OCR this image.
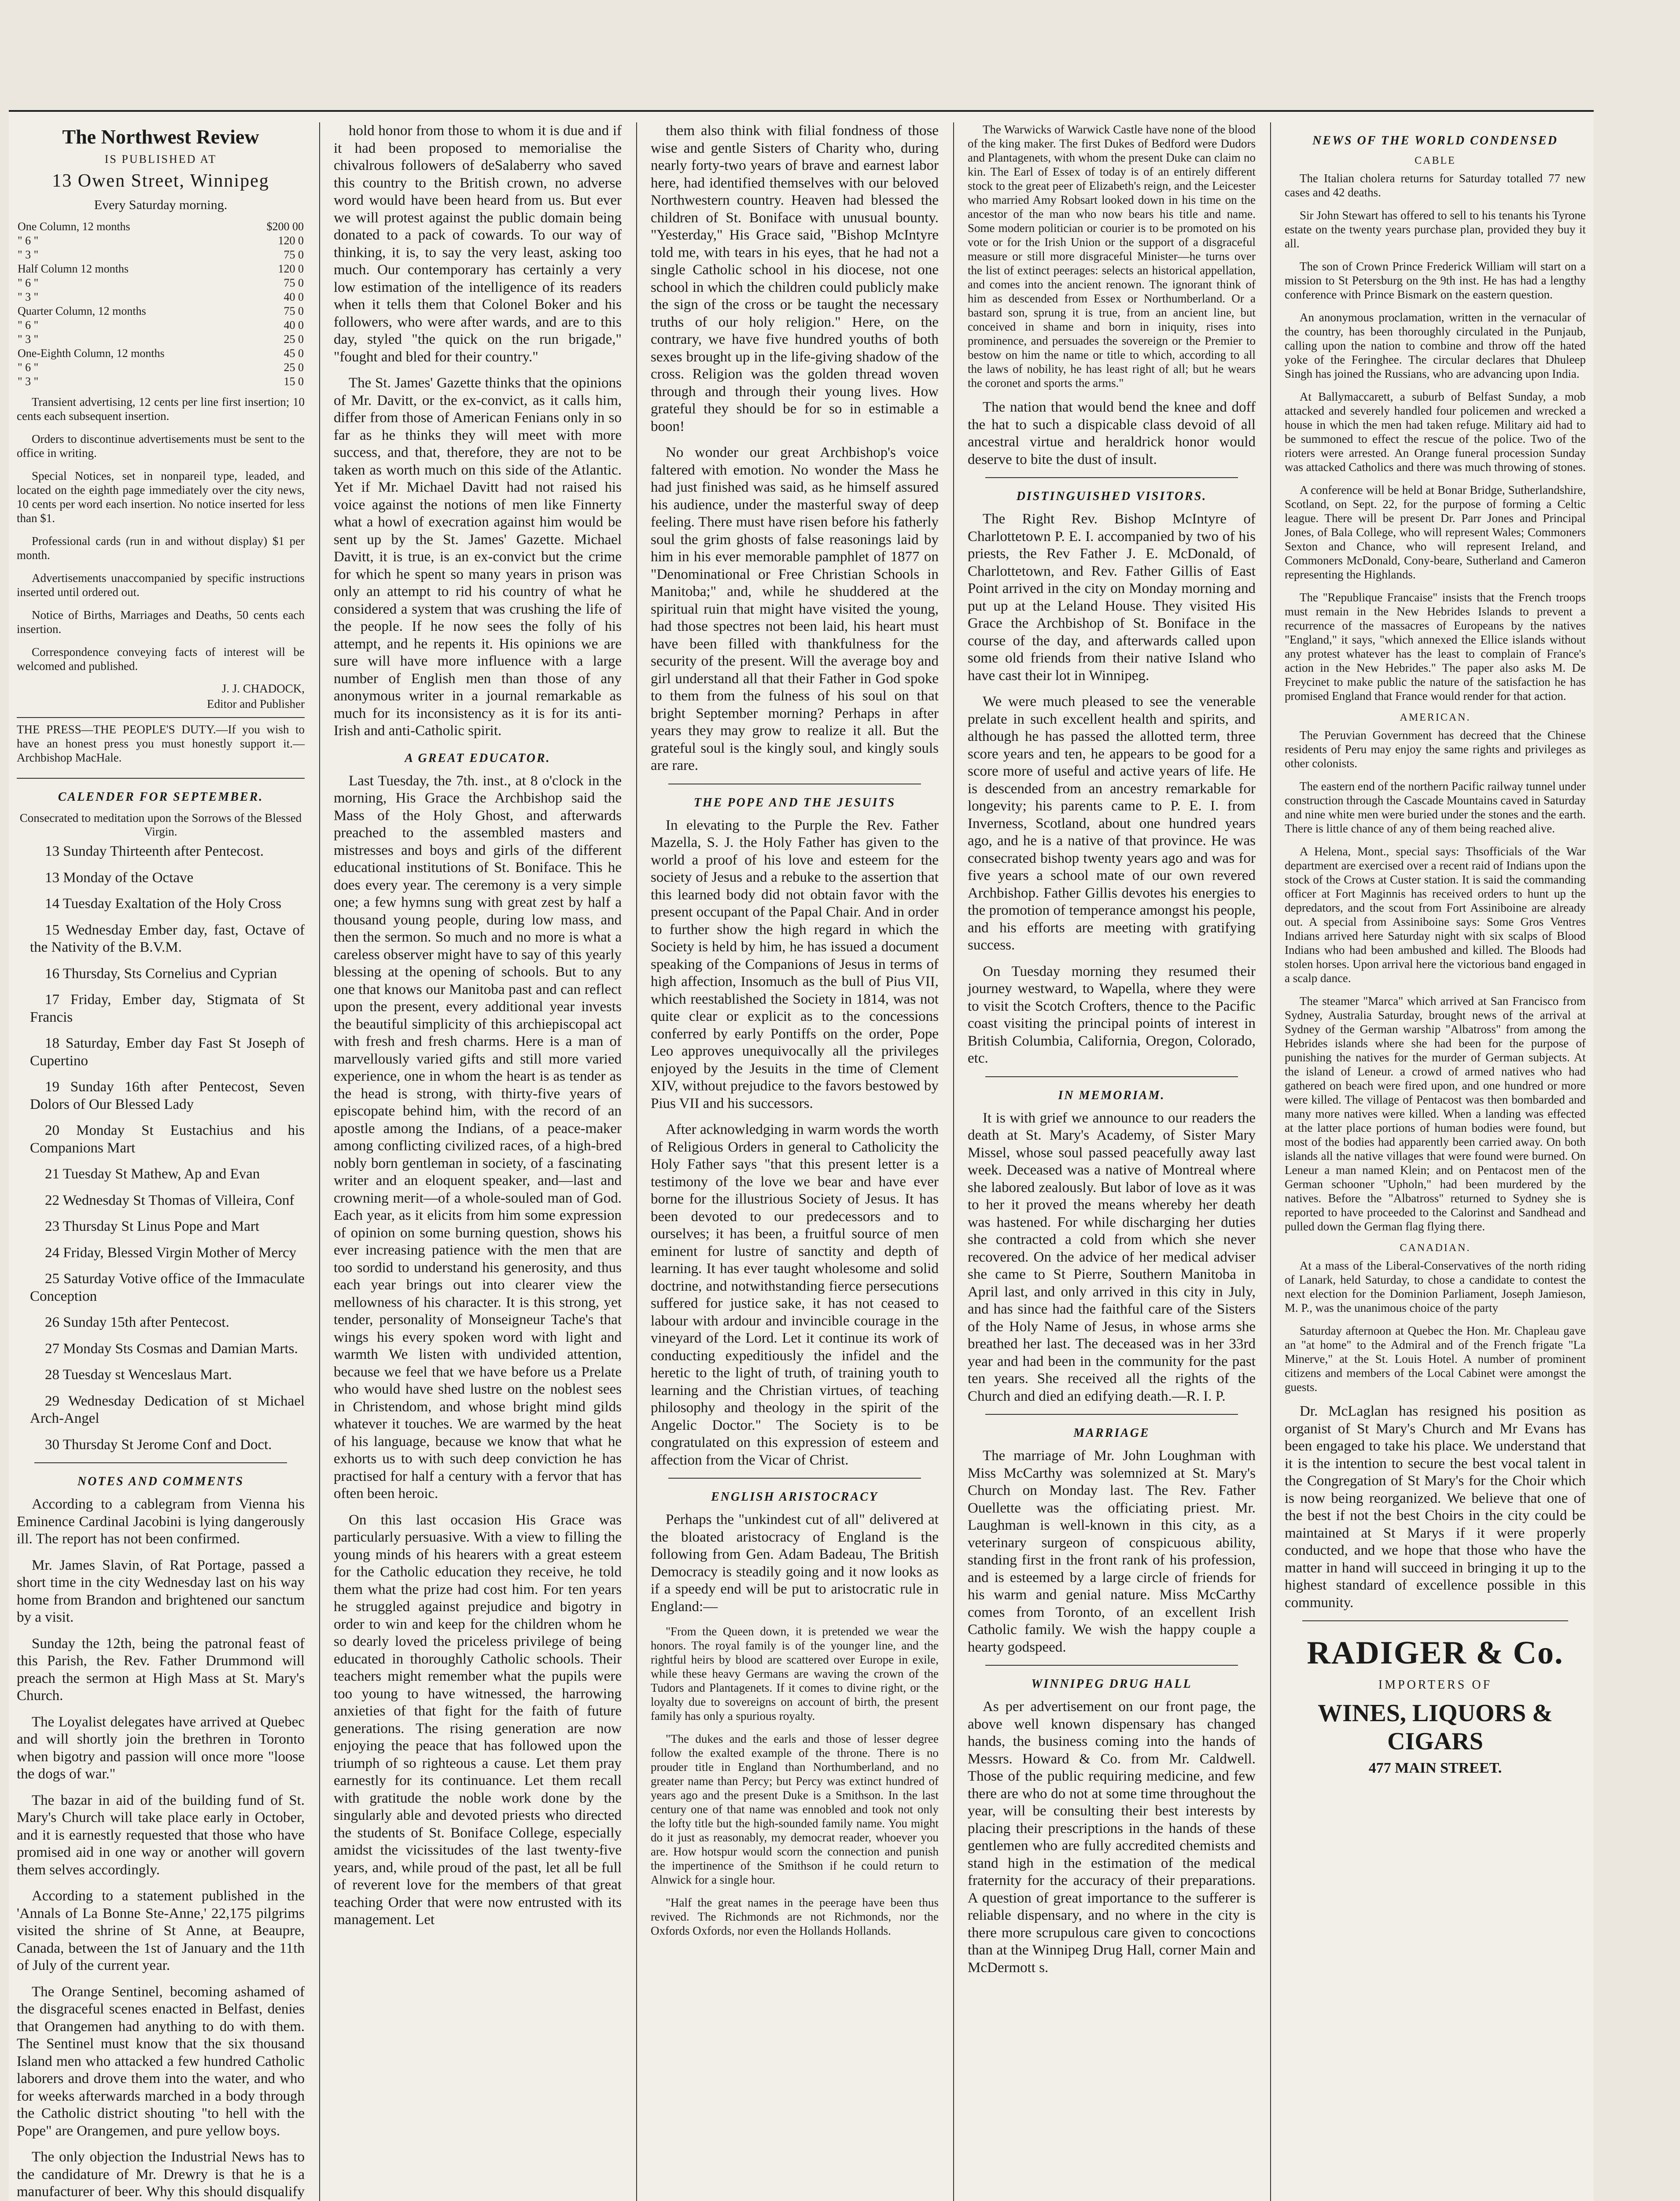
The Northwest Review
IS PUBLISHED AT
13 Owen Street, Winnipeg
Every Saturday morning.
One Column, 12 months	$200 00
" 6 "	120 0
" 3 "	75 0
Half Column 12 months	120 0
" 6 "	75 0
" 3 "	40 0
Quarter Column, 12 months	75 0
" 6 "	40 0
" 3 "	25 0
One-Eighth Column, 12 months	45 0
" 6 "	25 0
" 3 "	15 0

Transient advertising, 12 cents per line first insertion; 10 cents each subsequent insertion.

Orders to discontinue advertisements must be sent to the office in writing.

Special Notices, set in nonpareil type, leaded, and located on the eighth page immediately over the city news, 10 cents per word each insertion. No notice inserted for less than $1.

Professional cards (run in and without display) $1 per month.

Advertisements unaccompanied by specific instructions inserted until ordered out.

Notice of Births, Marriages and Deaths, 50 cents each insertion.

Correspondence conveying facts of interest will be welcomed and published.

J. J. CHADOCK,
Editor and Publisher

THE PRESS—THE PEOPLE'S DUTY.—If you wish to have an honest press you must honestly support it.—Archbishop MacHale.

CALENDER FOR SEPTEMBER.
Consecrated to meditation upon the Sorrows of the Blessed Virgin.

13 Sunday Thirteenth after Pentecost.

13 Monday of the Octave

14 Tuesday Exaltation of the Holy Cross

15 Wednesday Ember day, fast, Octave of the Nativity of the B.V.M.

16 Thursday, Sts Cornelius and Cyprian

17 Friday, Ember day, Stigmata of St Francis

18 Saturday, Ember day Fast St Joseph of Cupertino

19 Sunday 16th after Pentecost, Seven Dolors of Our Blessed Lady

20 Monday St Eustachius and his Companions Mart

21 Tuesday St Mathew, Ap and Evan

22 Wednesday St Thomas of Villeira, Conf

23 Thursday St Linus Pope and Mart

24 Friday, Blessed Virgin Mother of Mercy

25 Saturday Votive office of the Immaculate Conception

26 Sunday 15th after Pentecost.

27 Monday Sts Cosmas and Damian Marts.

28 Tuesday st Wenceslaus Mart.

29 Wednesday Dedication of st Michael Arch-Angel

30 Thursday St Jerome Conf and Doct.

NOTES AND COMMENTS

According to a cablegram from Vienna his Eminence Cardinal Jacobini is lying dangerously ill. The report has not been confirmed.

Mr. James Slavin, of Rat Portage, passed a short time in the city Wednesday last on his way home from Brandon and brightened our sanctum by a visit.

Sunday the 12th, being the patronal feast of this Parish, the Rev. Father Drummond will preach the sermon at High Mass at St. Mary's Church.

The Loyalist delegates have arrived at Quebec and will shortly join the brethren in Toronto when bigotry and passion will once more "loose the dogs of war."

The bazar in aid of the building fund of St. Mary's Church will take place early in October, and it is earnestly requested that those who have promised aid in one way or another will govern them selves accordingly.

According to a statement published in the 'Annals of La Bonne Ste-Anne,' 22,175 pilgrims visited the shrine of St Anne, at Beaupre, Canada, between the 1st of January and the 11th of July of the current year.

The Orange Sentinel, becoming ashamed of the disgraceful scenes enacted in Belfast, denies that Orangemen had anything to do with them. The Sentinel must know that the six thousand Island men who attacked a few hundred Catholic laborers and drove them into the water, and who for weeks afterwards marched in a body through the Catholic district shouting "to hell with the Pope" are Orangemen, and pure yellow boys.

The only objection the Industrial News has to the candidature of Mr. Drewry is that he is a manufacturer of beer. Why this should disqualify

hold honor from those to whom it is due and if it had been proposed to memorialise the chivalrous followers of deSalaberry who saved this country to the British crown, no adverse word would have been heard from us. But ever we will protest against the public domain being donated to a pack of cowards. To our way of thinking, it is, to say the very least, asking too much. Our contemporary has certainly a very low estimation of the intelligence of its readers when it tells them that Colonel Boker and his followers, who were after wards, and are to this day, styled "the quick on the run brigade," "fought and bled for their country."

The St. James' Gazette thinks that the opinions of Mr. Davitt, or the ex-convict, as it calls him, differ from those of American Fenians only in so far as he thinks they will meet with more success, and that, therefore, they are not to be taken as worth much on this side of the Atlantic. Yet if Mr. Michael Davitt had not raised his voice against the notions of men like Finnerty what a howl of execration against him would be sent up by the St. James' Gazette. Michael Davitt, it is true, is an ex-convict but the crime for which he spent so many years in prison was only an attempt to rid his country of what he considered a system that was crushing the life of the people. If he now sees the folly of his attempt, and he repents it. His opinions we are sure will have more influence with a large number of English men than those of any anonymous writer in a journal remarkable as much for its inconsistency as it is for its anti-Irish and anti-Catholic spirit.

A GREAT EDUCATOR.

Last Tuesday, the 7th. inst., at 8 o'clock in the morning, His Grace the Archbishop said the Mass of the Holy Ghost, and afterwards preached to the assembled masters and mistresses and boys and girls of the different educational institutions of St. Boniface. This he does every year. The ceremony is a very simple one; a few hymns sung with great zest by half a thousand young people, during low mass, and then the sermon. So much and no more is what a careless observer might have to say of this yearly blessing at the opening of schools. But to any one that knows our Manitoba past and can reflect upon the present, every additional year invests the beautiful simplicity of this archiepiscopal act with fresh and fresh charms. Here is a man of marvellously varied gifts and still more varied experience, one in whom the heart is as tender as the head is strong, with thirty-five years of episcopate behind him, with the record of an apostle among the Indians, of a peace-maker among conflicting civilized races, of a high-bred nobly born gentleman in society, of a fascinating writer and an eloquent speaker, and—last and crowning merit—of a whole-souled man of God. Each year, as it elicits from him some expression of opinion on some burning question, shows his ever increasing patience with the men that are too sordid to understand his generosity, and thus each year brings out into clearer view the mellowness of his character. It is this strong, yet tender, personality of Monseigneur Tache's that wings his every spoken word with light and warmth We listen with undivided attention, because we feel that we have before us a Prelate who would have shed lustre on the noblest sees in Christendom, and whose bright mind gilds whatever it touches. We are warmed by the heat of his language, because we know that what he exhorts us to with such deep conviction he has practised for half a century with a fervor that has often been heroic.

On this last occasion His Grace was particularly persuasive. With a view to filling the young minds of his hearers with a great esteem for the Catholic education they receive, he told them what the prize had cost him. For ten years he struggled against prejudice and bigotry in order to win and keep for the children whom he so dearly loved the priceless privilege of being educated in thoroughly Catholic schools. Their teachers might remember what the pupils were too young to have witnessed, the harrowing anxieties of that fight for the faith of future generations. The rising generation are now enjoying the peace that has followed upon the triumph of so righteous a cause. Let them pray earnestly for its continuance. Let them recall with gratitude the noble work done by the singularly able and devoted priests who directed the students of St. Boniface College, especially amidst the vicissitudes of the last twenty-five years, and, while proud of the past, let all be full of reverent love for the members of that great teaching Order that were now entrusted with its management. Let

them also think with filial fondness of those wise and gentle Sisters of Charity who, during nearly forty-two years of brave and earnest labor here, had identified themselves with our beloved Northwestern country. Heaven had blessed the children of St. Boniface with unusual bounty. "Yesterday," His Grace said, "Bishop McIntyre told me, with tears in his eyes, that he had not a single Catholic school in his diocese, not one school in which the children could publicly make the sign of the cross or be taught the necessary truths of our holy religion." Here, on the contrary, we have five hundred youths of both sexes brought up in the life-giving shadow of the cross. Religion was the golden thread woven through and through their young lives. How grateful they should be for so in estimable a boon!

No wonder our great Archbishop's voice faltered with emotion. No wonder the Mass he had just finished was said, as he himself assured his audience, under the masterful sway of deep feeling. There must have risen before his fatherly soul the grim ghosts of false reasonings laid by him in his ever memorable pamphlet of 1877 on "Denominational or Free Christian Schools in Manitoba;" and, while he shuddered at the spiritual ruin that might have visited the young, had those spectres not been laid, his heart must have been filled with thankfulness for the security of the present. Will the average boy and girl understand all that their Father in God spoke to them from the fulness of his soul on that bright September morning? Perhaps in after years they may grow to realize it all. But the grateful soul is the kingly soul, and kingly souls are rare.

THE POPE AND THE JESUITS

In elevating to the Purple the Rev. Father Mazella, S. J. the Holy Father has given to the world a proof of his love and esteem for the society of Jesus and a rebuke to the assertion that this learned body did not obtain favor with the present occupant of the Papal Chair. And in order to further show the high regard in which the Society is held by him, he has issued a document speaking of the Companions of Jesus in terms of high affection, Insomuch as the bull of Pius VII, which reestablished the Society in 1814, was not quite clear or explicit as to the concessions conferred by early Pontiffs on the order, Pope Leo approves unequivocally all the privileges enjoyed by the Jesuits in the time of Clement XIV, without prejudice to the favors bestowed by Pius VII and his successors.

After acknowledging in warm words the worth of Religious Orders in general to Catholicity the Holy Father says "that this present letter is a testimony of the love we bear and have ever borne for the illustrious Society of Jesus. It has been devoted to our predecessors and to ourselves; it has been, a fruitful source of men eminent for lustre of sanctity and depth of learning. It has ever taught wholesome and solid doctrine, and notwithstanding fierce persecutions suffered for justice sake, it has not ceased to labour with ardour and invincible courage in the vineyard of the Lord. Let it continue its work of conducting expeditiously the infidel and the heretic to the light of truth, of training youth to learning and the Christian virtues, of teaching philosophy and theology in the spirit of the Angelic Doctor." The Society is to be congratulated on this expression of esteem and affection from the Vicar of Christ.

ENGLISH ARISTOCRACY

Perhaps the "unkindest cut of all" delivered at the bloated aristocracy of England is the following from Gen. Adam Badeau, The British Democracy is steadily going and it now looks as if a speedy end will be put to aristocratic rule in England:—

"From the Queen down, it is pretended we wear the honors. The royal family is of the younger line, and the rightful heirs by blood are scattered over Europe in exile, while these heavy Germans are waving the crown of the Tudors and Plantagenets. If it comes to divine right, or the loyalty due to sovereigns on account of birth, the present family has only a spurious royalty.

"The dukes and the earls and those of lesser degree follow the exalted example of the throne. There is no prouder title in England than Northumberland, and no greater name than Percy; but Percy was extinct hundred of years ago and the present Duke is a Smithson. In the last century one of that name was ennobled and took not only the lofty title but the high-sounded family name. You might do it just as reasonably, my democrat reader, whoever you are. How hotspur would scorn the connection and punish the impertinence of the Smithson if he could return to Alnwick for a single hour.

"Half the great names in the peerage have been thus revived. The Richmonds are not Richmonds, nor the Oxfords Oxfords, nor even the Hollands Hollands.

The Warwicks of Warwick Castle have none of the blood of the king maker. The first Dukes of Bedford were Dudors and Plantagenets, with whom the present Duke can claim no kin. The Earl of Essex of today is of an entirely different stock to the great peer of Elizabeth's reign, and the Leicester who married Amy Robsart looked down in his time on the ancestor of the man who now bears his title and name. Some modern politician or courier is to be promoted on his vote or for the Irish Union or the support of a disgraceful measure or still more disgraceful Minister—he turns over the list of extinct peerages: selects an historical appellation, and comes into the ancient renown. The ignorant think of him as descended from Essex or Northumberland. Or a bastard son, sprung it is true, from an ancient line, but conceived in shame and born in iniquity, rises into prominence, and persuades the sovereign or the Premier to bestow on him the name or title to which, according to all the laws of nobility, he has least right of all; but he wears the coronet and sports the arms."

The nation that would bend the knee and doff the hat to such a dispicable class devoid of all ancestral virtue and heraldrick honor would deserve to bite the dust of insult.

DISTINGUISHED VISITORS.

The Right Rev. Bishop McIntyre of Charlottetown P. E. I. accompanied by two of his priests, the Rev Father J. E. McDonald, of Charlottetown, and Rev. Father Gillis of East Point arrived in the city on Monday morning and put up at the Leland House. They visited His Grace the Archbishop of St. Boniface in the course of the day, and afterwards called upon some old friends from their native Island who have cast their lot in Winnipeg.

We were much pleased to see the venerable prelate in such excellent health and spirits, and although he has passed the allotted term, three score years and ten, he appears to be good for a score more of useful and active years of life. He is descended from an ancestry remarkable for longevity; his parents came to P. E. I. from Inverness, Scotland, about one hundred years ago, and he is a native of that province. He was consecrated bishop twenty years ago and was for five years a school mate of our own revered Archbishop. Father Gillis devotes his energies to the promotion of temperance amongst his people, and his efforts are meeting with gratifying success.

On Tuesday morning they resumed their journey westward, to Wapella, where they were to visit the Scotch Crofters, thence to the Pacific coast visiting the principal points of interest in British Columbia, California, Oregon, Colorado, etc.

IN MEMORIAM.

It is with grief we announce to our readers the death at St. Mary's Academy, of Sister Mary Missel, whose soul passed peacefully away last week. Deceased was a native of Montreal where she labored zealously. But labor of love as it was to her it proved the means whereby her death was hastened. For while discharging her duties she contracted a cold from which she never recovered. On the advice of her medical adviser she came to St Pierre, Southern Manitoba in April last, and only arrived in this city in July, and has since had the faithful care of the Sisters of the Holy Name of Jesus, in whose arms she breathed her last. The deceased was in her 33rd year and had been in the community for the past ten years. She received all the rights of the Church and died an edifying death.—R. I. P.

MARRIAGE

The marriage of Mr. John Loughman with Miss McCarthy was solemnized at St. Mary's Church on Monday last. The Rev. Father Ouellette was the officiating priest. Mr. Laughman is well-known in this city, as a veterinary surgeon of conspicuous ability, standing first in the front rank of his profession, and is esteemed by a large circle of friends for his warm and genial nature. Miss McCarthy comes from Toronto, of an excellent Irish Catholic family. We wish the happy couple a hearty godspeed.

WINNIPEG DRUG HALL

As per advertisement on our front page, the above well known dispensary has changed hands, the business coming into the hands of Messrs. Howard & Co. from Mr. Caldwell. Those of the public requiring medicine, and few there are who do not at some time throughout the year, will be consulting their best interests by placing their prescriptions in the hands of these gentlemen who are fully accredited chemists and stand high in the estimation of the medical fraternity for the accuracy of their preparations. A question of great importance to the sufferer is reliable dispensary, and no where in the city is there more scrupulous care given to concoctions than at the Winnipeg Drug Hall, corner Main and McDermott s.

NEWS OF THE WORLD CONDENSED
CABLE

The Italian cholera returns for Saturday totalled 77 new cases and 42 deaths.

Sir John Stewart has offered to sell to his tenants his Tyrone estate on the twenty years purchase plan, provided they buy it all.

The son of Crown Prince Frederick William will start on a mission to St Petersburg on the 9th inst. He has had a lengthy conference with Prince Bismark on the eastern question.

An anonymous proclamation, written in the vernacular of the country, has been thoroughly circulated in the Punjaub, calling upon the nation to combine and throw off the hated yoke of the Feringhee. The circular declares that Dhuleep Singh has joined the Russians, who are advancing upon India.

At Ballymaccarett, a suburb of Belfast Sunday, a mob attacked and severely handled four policemen and wrecked a house in which the men had taken refuge. Military aid had to be summoned to effect the rescue of the police. Two of the rioters were arrested. An Orange funeral procession Sunday was attacked Catholics and there was much throwing of stones.

A conference will be held at Bonar Bridge, Sutherlandshire, Scotland, on Sept. 22, for the purpose of forming a Celtic league. There will be present Dr. Parr Jones and Principal Jones, of Bala College, who will represent Wales; Commoners Sexton and Chance, who will represent Ireland, and Commoners McDonald, Cony-beare, Sutherland and Cameron representing the Highlands.

The "Republique Francaise" insists that the French troops must remain in the New Hebrides Islands to prevent a recurrence of the massacres of Europeans by the natives "England," it says, "which annexed the Ellice islands without any protest whatever has the least to complain of France's action in the New Hebrides." The paper also asks M. De Freycinet to make public the nature of the satisfaction he has promised England that France would render for that action.

AMERICAN.

The Peruvian Government has decreed that the Chinese residents of Peru may enjoy the same rights and privileges as other colonists.

The eastern end of the northern Pacific railway tunnel under construction through the Cascade Mountains caved in Saturday and nine white men were buried under the stones and the earth. There is little chance of any of them being reached alive.

A Helena, Mont., special says: Thsofficials of the War department are exercised over a recent raid of Indians upon the stock of the Crows at Custer station. It is said the commanding officer at Fort Maginnis has received orders to hunt up the depredators, and the scout from Fort Assiniboine are already out. A special from Assiniboine says: Some Gros Ventres Indians arrived here Saturday night with six scalps of Blood Indians who had been ambushed and killed. The Bloods had stolen horses. Upon arrival here the victorious band engaged in a scalp dance.

The steamer "Marca" which arrived at San Francisco from Sydney, Australia Saturday, brought news of the arrival at Sydney of the German warship "Albatross" from among the Hebrides islands where she had been for the purpose of punishing the natives for the murder of German subjects. At the island of Leneur. a crowd of armed natives who had gathered on beach were fired upon, and one hundred or more were killed. The village of Pentacost was then bombarded and many more natives were killed. When a landing was effected at the latter place portions of human bodies were found, but most of the bodies had apparently been carried away. On both islands all the native villages that were found were burned. On Leneur a man named Klein; and on Pentacost men of the German schooner "Upholn," had been murdered by the natives. Before the "Albatross" returned to Sydney she is reported to have proceeded to the Calorinst and Sandhead and pulled down the German flag flying there.

CANADIAN.

At a mass of the Liberal-Conservatives of the north riding of Lanark, held Saturday, to chose a candidate to contest the next election for the Dominion Parliament, Joseph Jamieson, M. P., was the unanimous choice of the party

Saturday afternoon at Quebec the Hon. Mr. Chapleau gave an "at home" to the Admiral and of the French frigate "La Minerve," at the St. Louis Hotel. A number of prominent citizens and members of the Local Cabinet were amongst the guests.

Dr. McLaglan has resigned his position as organist of St Mary's Church and Mr Evans has been engaged to take his place. We understand that it is the intention to secure the best vocal talent in the Congregation of St Mary's for the Choir which is now being reorganized. We believe that one of the best if not the best Choirs in the city could be maintained at St Marys if it were properly conducted, and we hope that those who have the matter in hand will succeed in bringing it up to the highest standard of excellence possible in this community.

RADIGER & Co.
IMPORTERS OF
WINES, LIQUORS & CIGARS
477 MAIN STREET.
